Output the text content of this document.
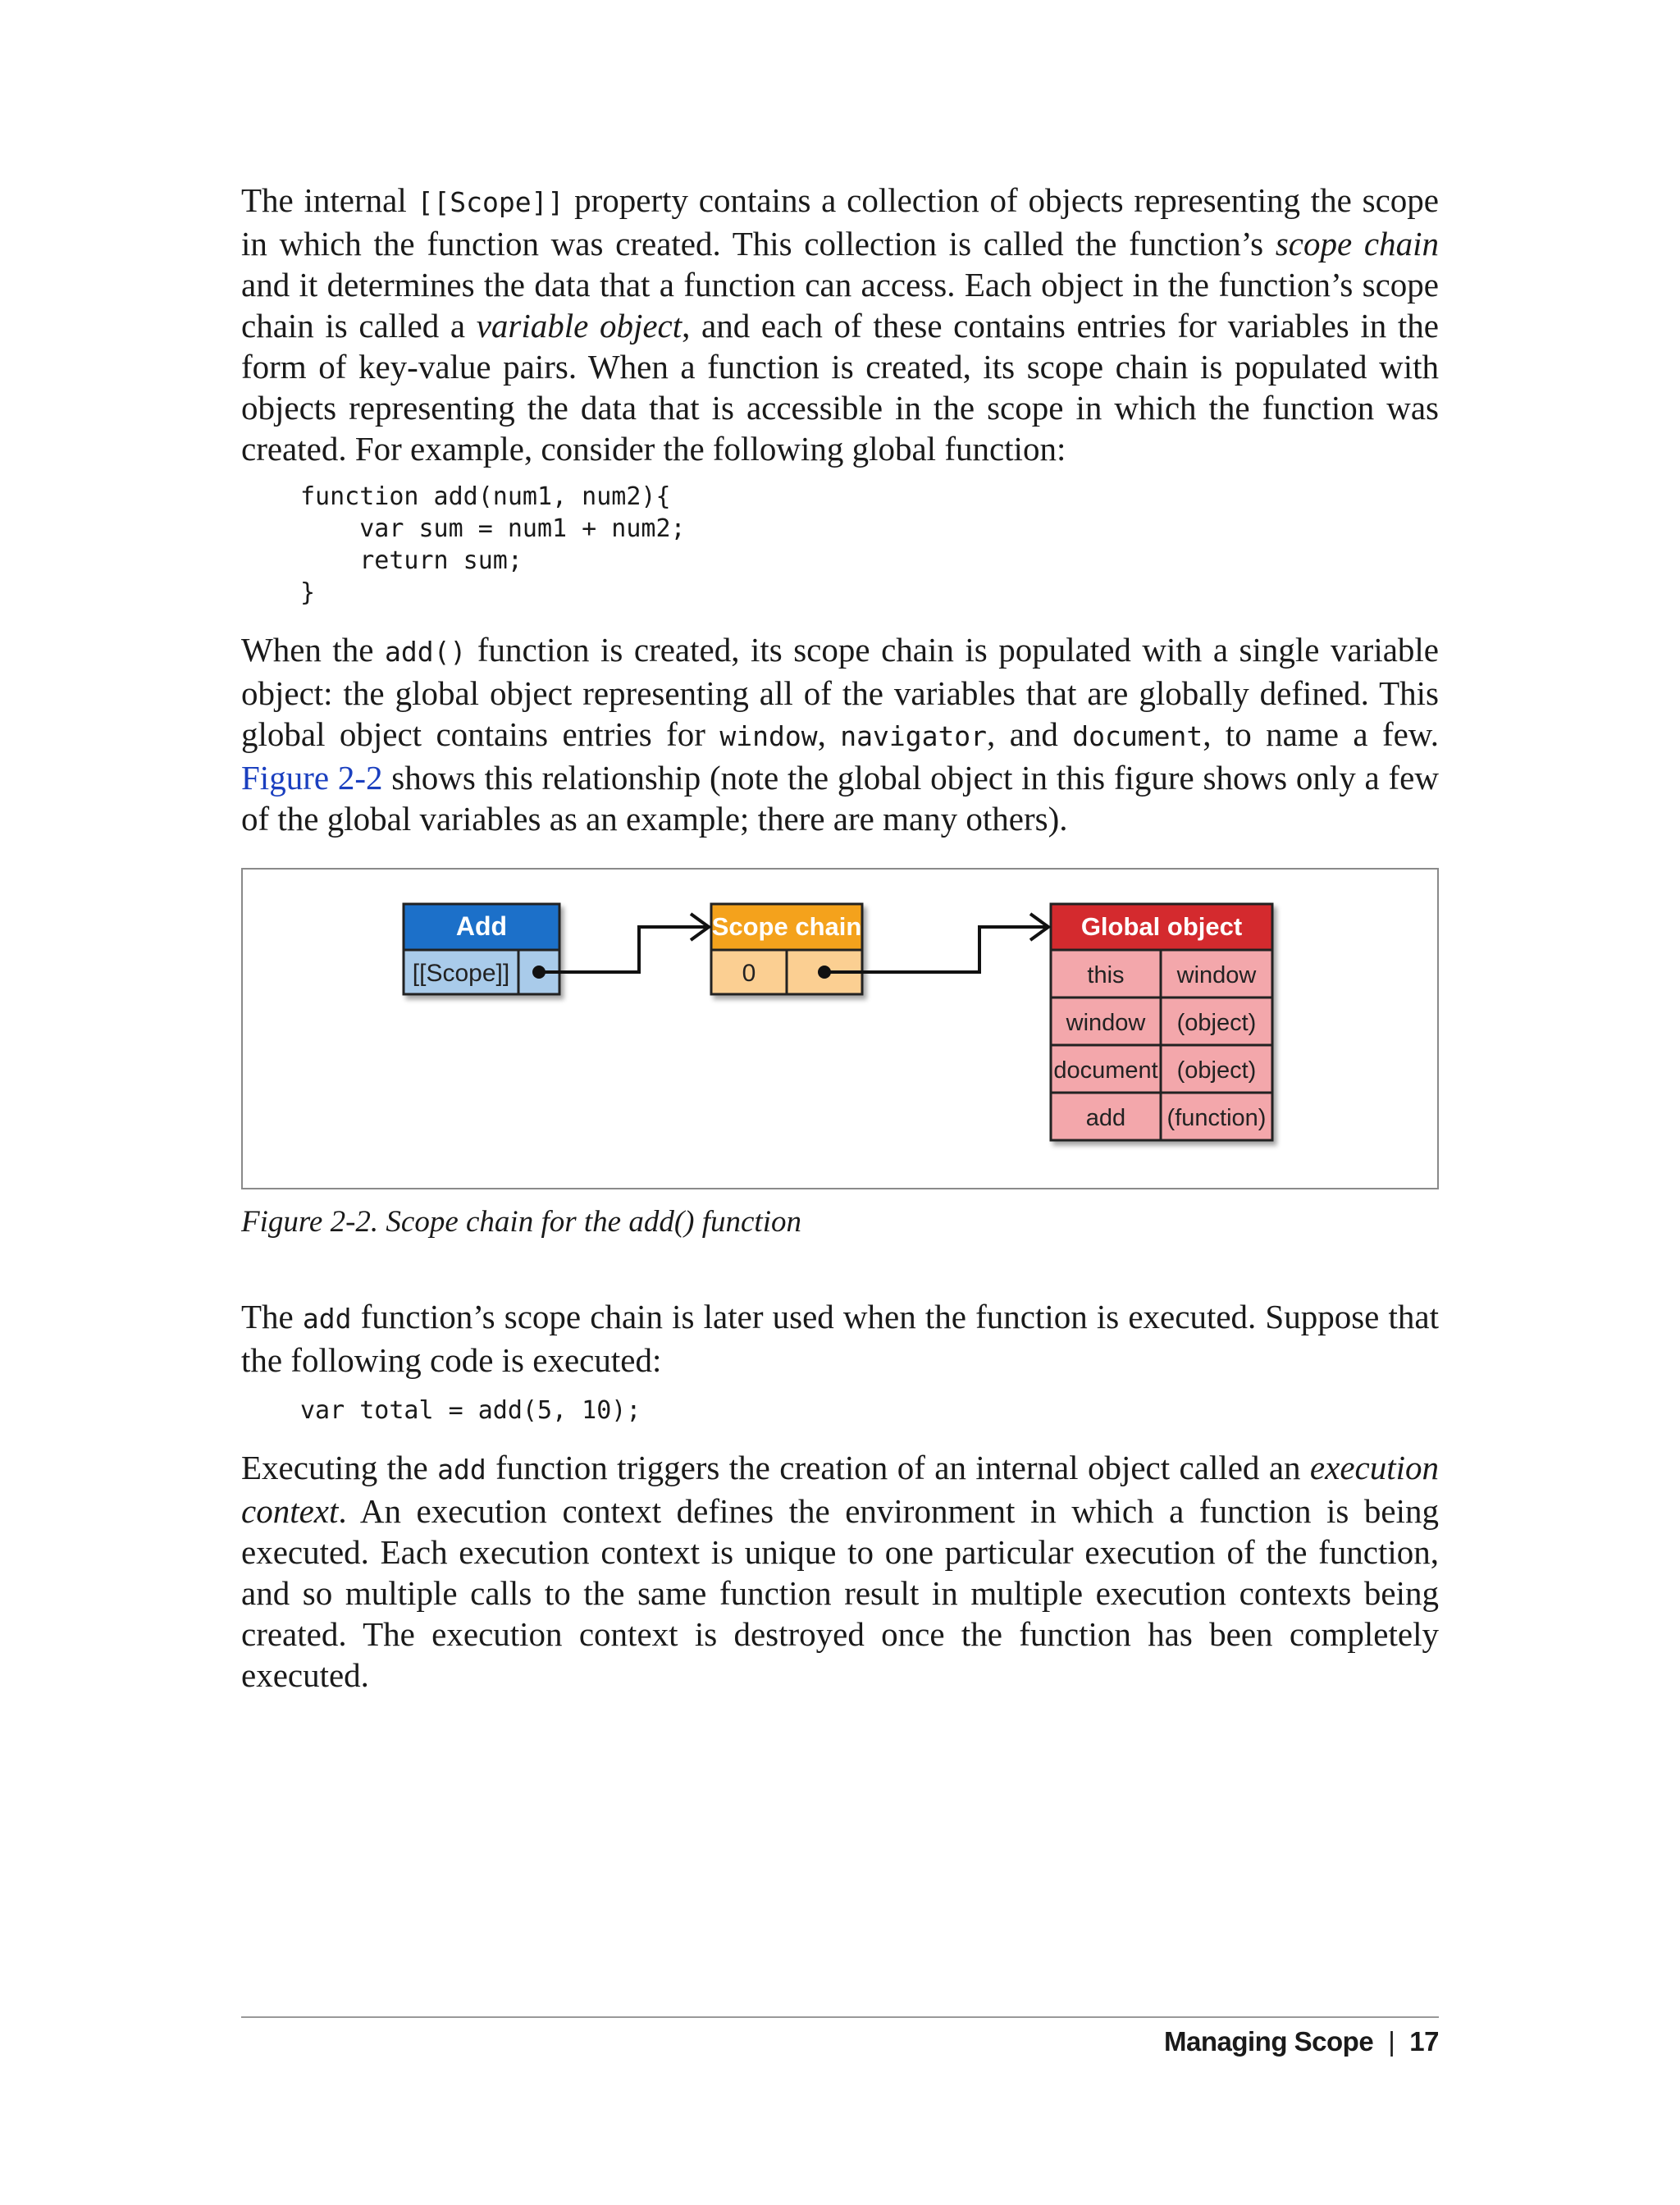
The internal [[Scope]] property contains a collection of objects representing the scope in which the function was created. This collection is called the function’s scope chain and it determines the data that a function can access. Each object in the function’s scope chain is called a variable object, and each of these contains entries for variables in the form of key-value pairs. When a function is created, its scope chain is populated with objects representing the data that is accessible in the scope in which the function was created. For example, consider the following global function:

function add(num1, num2){
var sum = num1 + num2;
return sum;
}

When the add() function is created, its scope chain is populated with a single variable object: the global object representing all of the variables that are globally defined. This global object contains entries for window, navigator, and document, to name a few. Figure 2-2 shows this relationship (note the global object in this figure shows only a few of the global variables as an example; there are many others).

Add
[[Scope]]
Scope chain
0
Global object
this window
window (object)
document (object)
add (function)
Figure 2-2. Scope chain for the add() function

The add function’s scope chain is later used when the function is executed. Suppose that the following code is executed:

var total = add(5, 10);

Executing the add function triggers the creation of an internal object called an execution context. An execution context defines the environment in which a function is being executed. Each execution context is unique to one particular execution of the function, and so multiple calls to the same function result in multiple execution contexts being created. The execution context is destroyed once the function has been completely executed.

Managing Scope | 17
